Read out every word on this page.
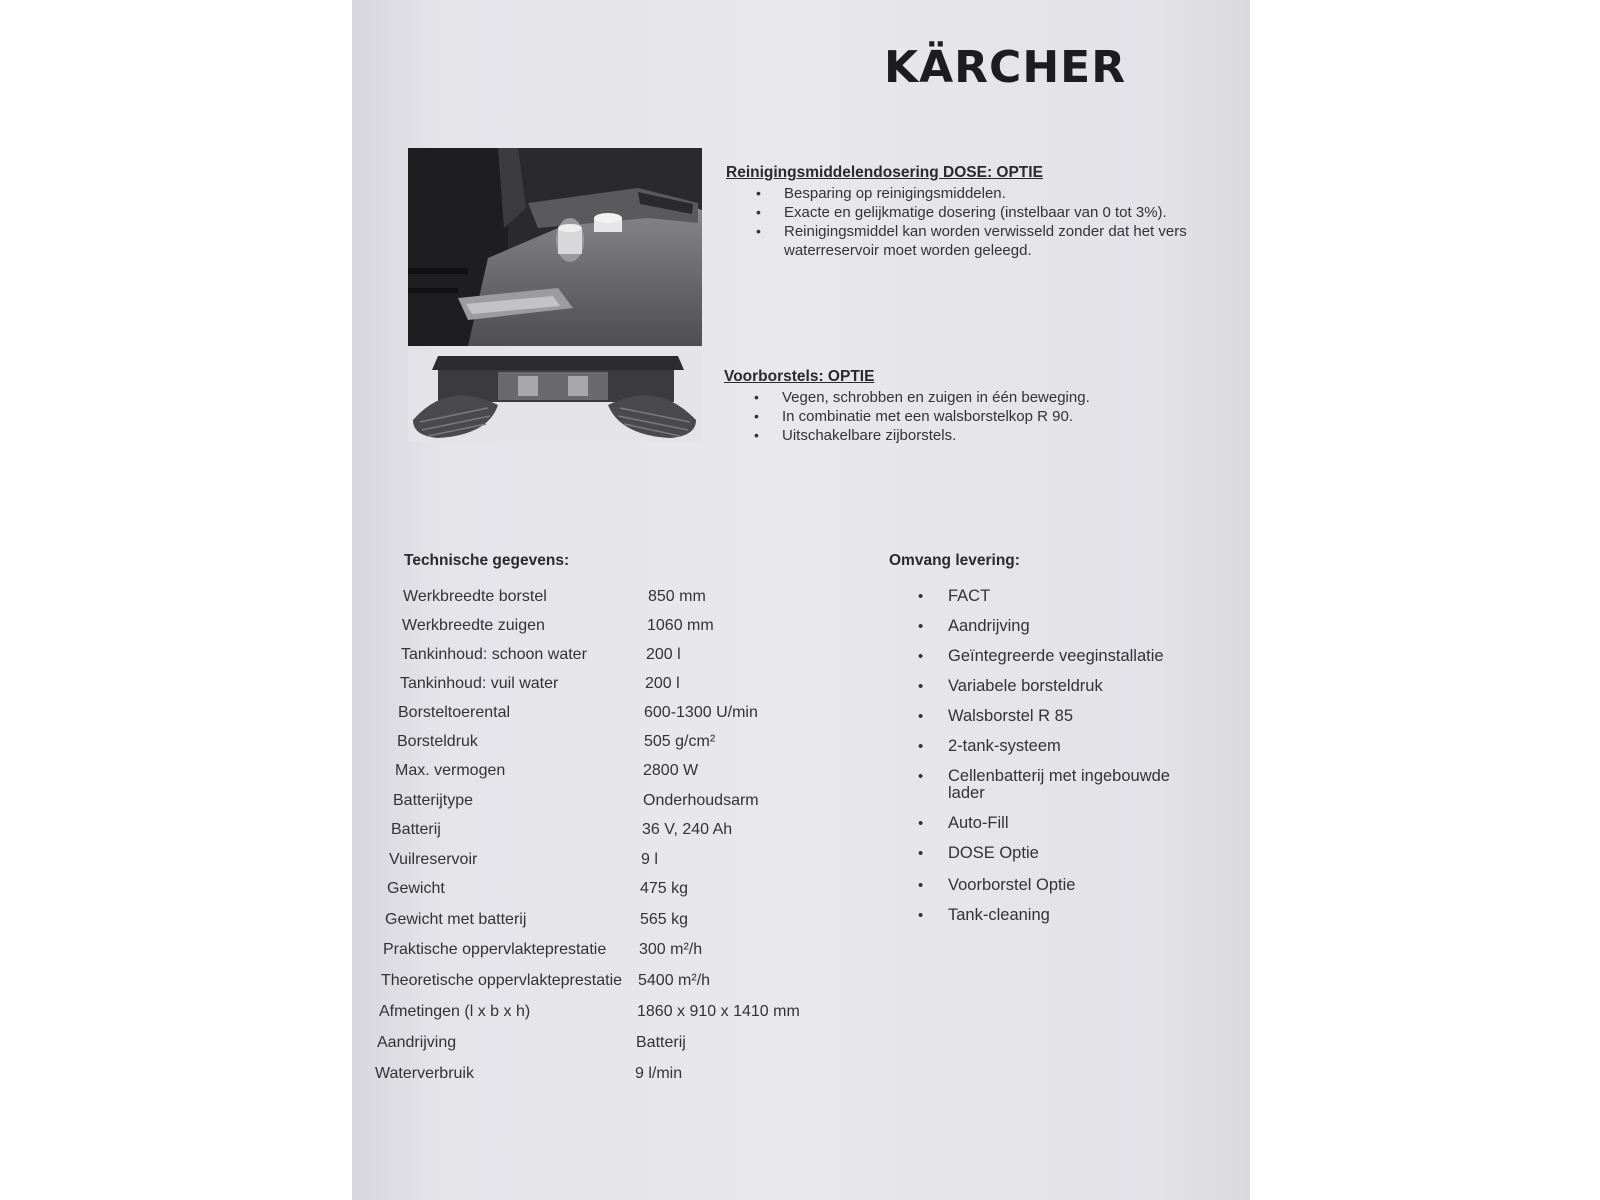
KÄRCHER
Reinigingsmiddelendosering DOSE: OPTIE
• Besparing op reinigingsmiddelen.
• Exacte en gelijkmatige dosering (instelbaar van 0 tot 3%).
• Reinigingsmiddel kan worden verwisseld zonder dat het vers waterreservoir moet worden geleegd.
Voorborstels: OPTIE
• Vegen, schrobben en zuigen in één beweging.
• In combinatie met een walsborstelkop R 90.
• Uitschakelbare zijborstels.
Technische gegevens:
Werkbreedte borstel	850 mm
Werkbreedte zuigen	1060 mm
Tankinhoud: schoon water	200 l
Tankinhoud: vuil water	200 l
Borsteltoerental	600-1300 U/min
Borsteldruk	505 g/cm²
Max. vermogen	2800 W
Batterijtype	Onderhoudsarm
Batterij	36 V, 240 Ah
Vuilreservoir	9 l
Gewicht	475 kg
Gewicht met batterij	565 kg
Praktische oppervlakteprestatie 300 m²/h
Theoretische oppervlakteprestatie 5400 m²/h
Afmetingen (l x b x h)	1860 x 910 x 1410 mm
Aandrijving	Batterij
Waterverbruik	9 l/min
Omvang levering:
• FACT
• Aandrijving
• Geïntegreerde veeginstallatie
• Variabele borsteldruk
• Walsborstel R 85
• 2-tank-systeem
• Cellenbatterij met ingebouwde lader
• Auto-Fill
• DOSE Optie
• Voorborstel Optie
• Tank-cleaning
